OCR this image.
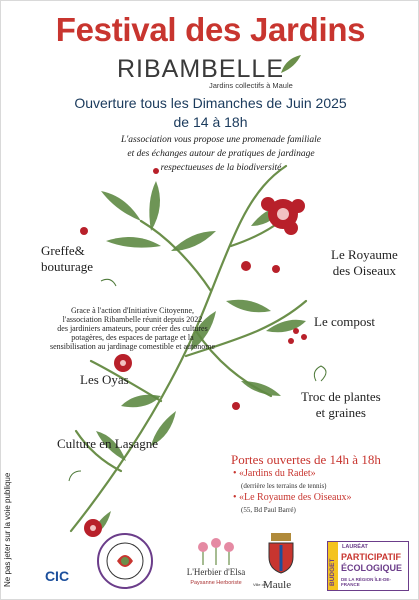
Festival des Jardins
RIBAMBELLE
Jardins collectifs à Maule
Ouverture tous les Dimanches de Juin 2025
de 14 à 18h
L'association vous propose une promenade familiale
et des échanges autour de pratiques de jardinage
respectueuses de la biodiversité
Greffe&
bouturage
Le Royaume
des Oiseaux
Le compost
Grace à l'action d'Initiative Citoyenne,
l'association Ribambelle réunit depuis 2022
des jardiniers amateurs, pour créer des cultures
potagères, des espaces de partage et la
sensibilisation au jardinage comestible et autonome
Les Oyas
Troc de plantes
et graines
Culture en Lasagne
Portes ouvertes de 14h à 18h
• «Jardins du Radet»
(derrière les terrains de tennis)
• «Le Royaume des Oiseaux»
(55, Bd Paul Barré)
Ne pas jeter sur la voie publique CIC	L'Herbier d'Elsa
Paysanne Herboriste	Ville de
Maule	BUDGET
LAURÉAT
PARTICIPATIF
ÉCOLOGIQUE
DE LA RÉGION ÎLE-DE-FRANCE
